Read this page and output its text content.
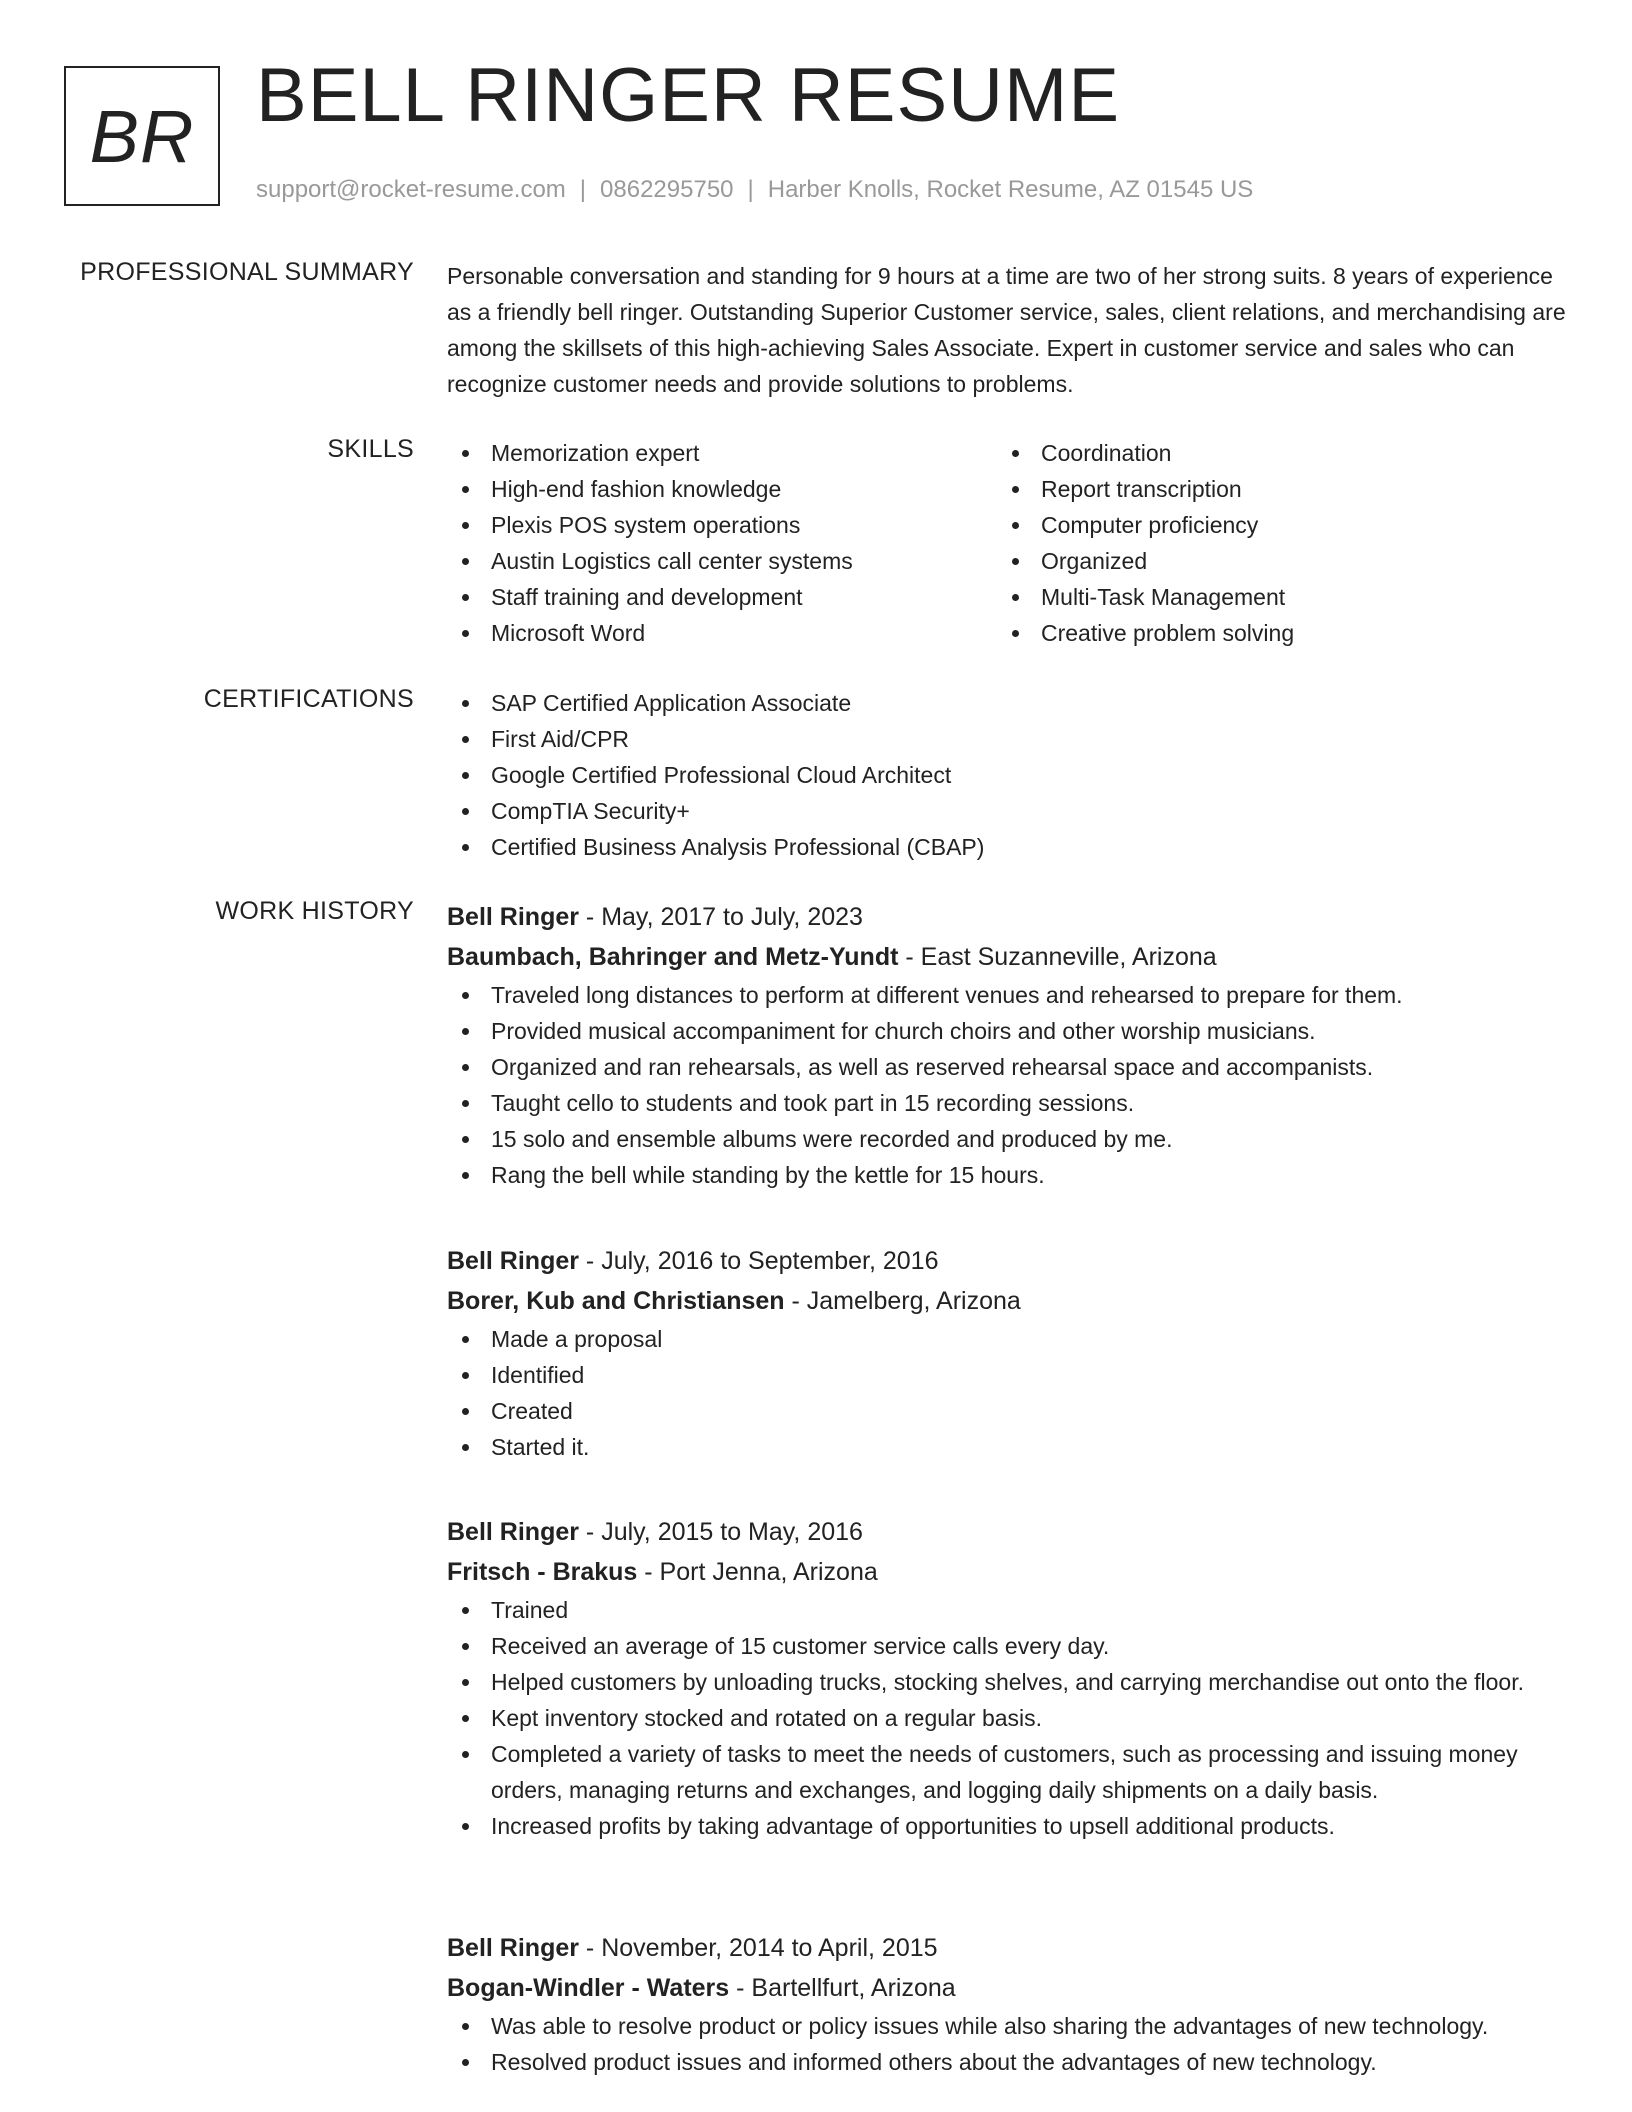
BR BELL RINGER RESUME
support@rocket-resume.com | 0862295750 | Harber Knolls, Rocket Resume, AZ 01545 US
PROFESSIONAL SUMMARY Personable conversation and standing for 9 hours at a time are two of her strong suits. 8 years of experience as a friendly bell ringer. Outstanding Superior Customer service, sales, client relations, and merchandising are among the skillsets of this high-achieving Sales Associate. Expert in customer service and sales who can recognize customer needs and provide solutions to problems.

SKILLS	Memorization expert
High-end fashion knowledge
Plexis POS system operations
Austin Logistics call center systems
Staff training and development
Microsoft Word
Coordination
Report transcription
Computer proficiency
Organized
Multi-Task Management
Creative problem solving
CERTIFICATIONS	SAP Certified Application Associate
First Aid/CPR
Google Certified Professional Cloud Architect
CompTIA Security+
Certified Business Analysis Professional (CBAP)
WORK HISTORY Bell Ringer - May, 2017 to July, 2023
Baumbach, Bahringer and Metz-Yundt - East Suzanneville, Arizona
Traveled long distances to perform at different venues and rehearsed to prepare for them.
Provided musical accompaniment for church choirs and other worship musicians.
Organized and ran rehearsals, as well as reserved rehearsal space and accompanists.
Taught cello to students and took part in 15 recording sessions.
15 solo and ensemble albums were recorded and produced by me.
Rang the bell while standing by the kettle for 15 hours.
Bell Ringer - July, 2016 to September, 2016
Borer, Kub and Christiansen - Jamelberg, Arizona
Made a proposal
Identified
Created
Started it.
Bell Ringer - July, 2015 to May, 2016
Fritsch - Brakus - Port Jenna, Arizona
Trained
Received an average of 15 customer service calls every day.
Helped customers by unloading trucks, stocking shelves, and carrying merchandise out onto the floor.
Kept inventory stocked and rotated on a regular basis.
Completed a variety of tasks to meet the needs of customers, such as processing and issuing money orders, managing returns and exchanges, and logging daily shipments on a daily basis.
Increased profits by taking advantage of opportunities to upsell additional products.
Bell Ringer - November, 2014 to April, 2015
Bogan-Windler - Waters - Bartellfurt, Arizona
Was able to resolve product or policy issues while also sharing the advantages of new technology.
Resolved product issues and informed others about the advantages of new technology.
